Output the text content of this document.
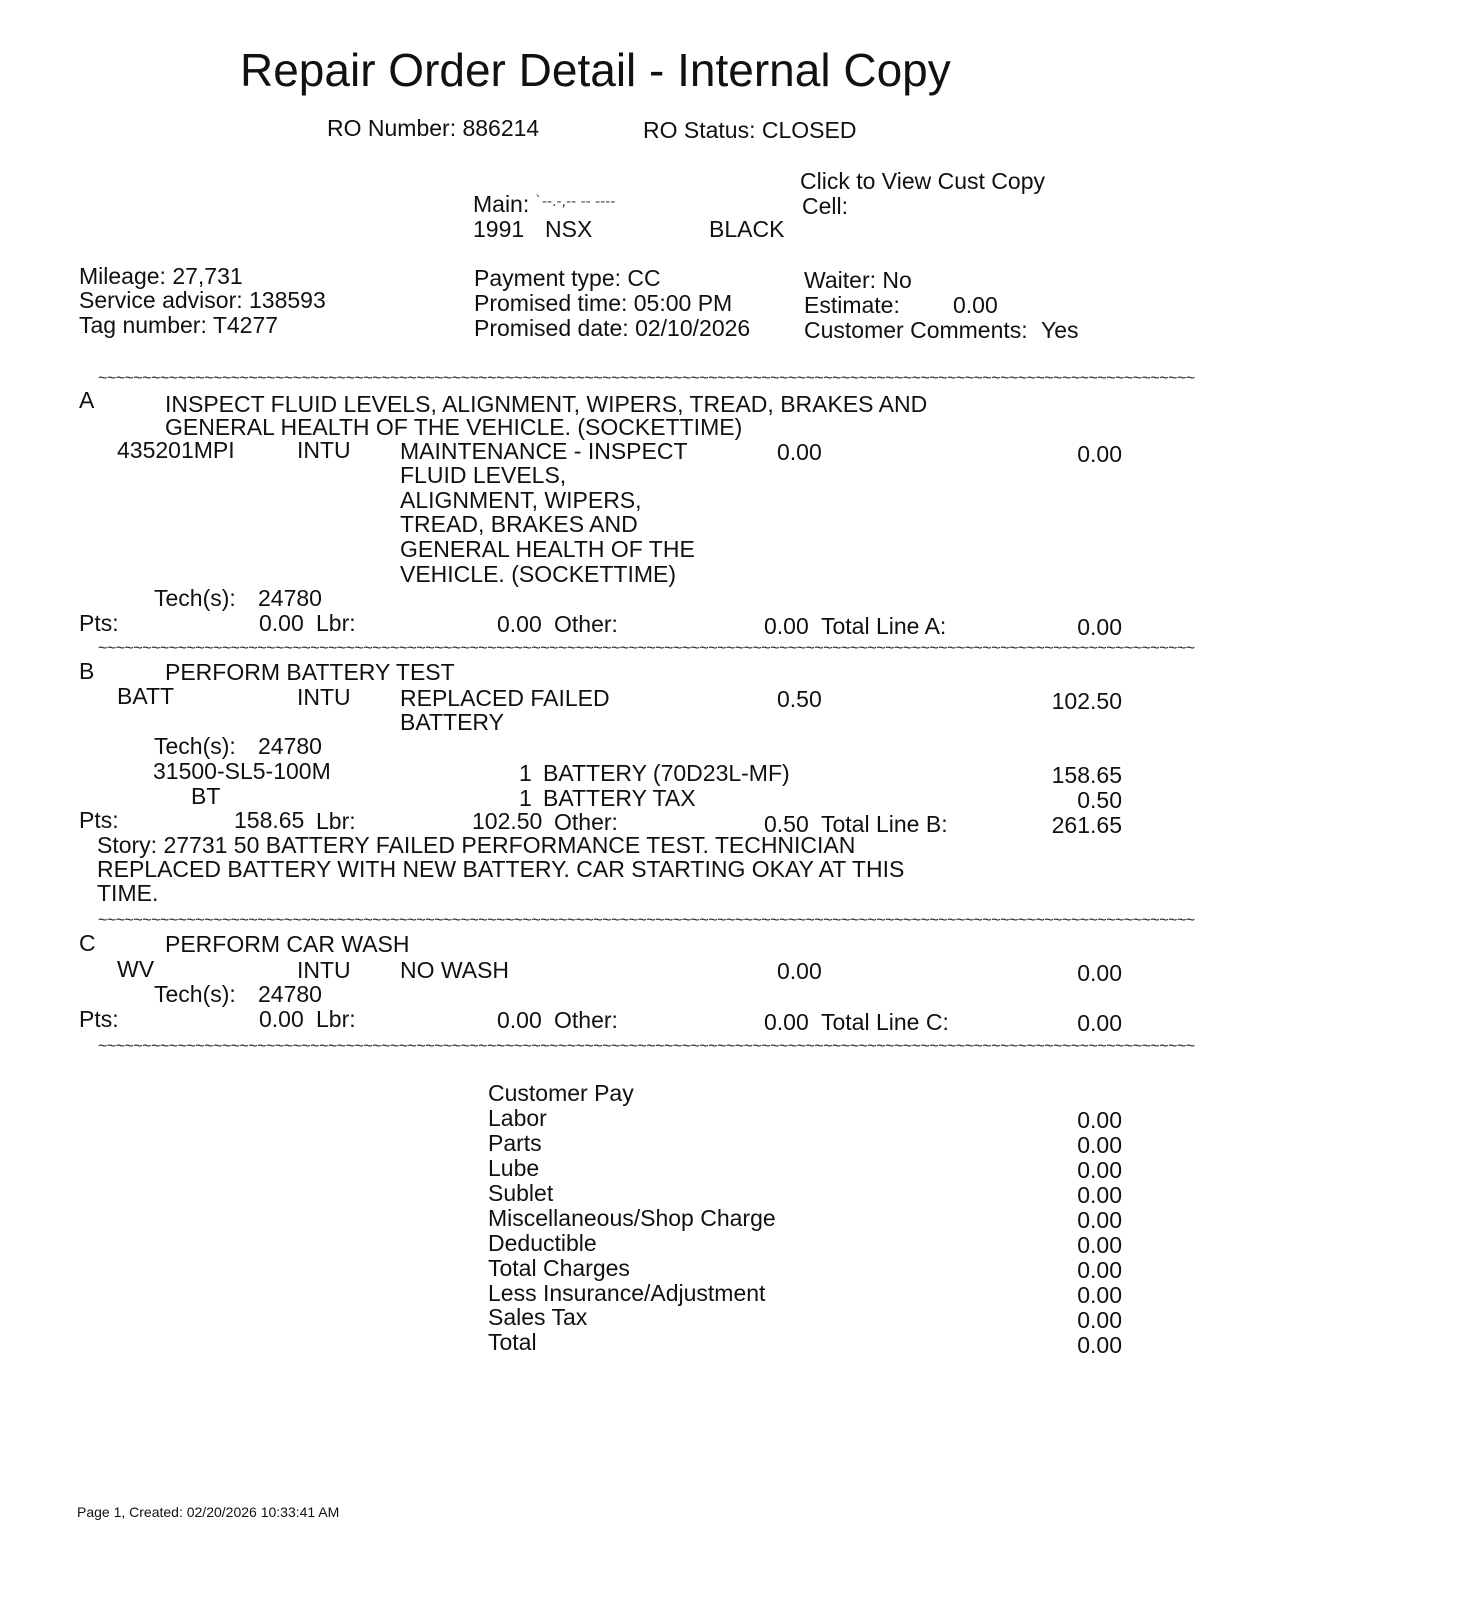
Repair Order Detail - Internal Copy
RO Number: 886214	RO Status: CLOSED
Click to View Cust Copy
Main: `--.-,-- -- ----	Cell:
1991 NSX	BLACK
Mileage: 27,731
Service advisor: 138593
Tag number: T4277
Payment type: CC
Promised time: 05:00 PM
Promised date: 02/10/2026
Waiter: No
Estimate: 0.00
Customer Comments: Yes
~~~~~~~~~~~~~~~~~~~~~~~~~~~~~~~~~~~~~~~~~~~~~~~~~~~~~~~~~~~~~~~~~~~~~~~~~~~~~~~~~~~~~~~~~~~~~~~~~~~~~~~~~~~~~~~~~~~~~~~~~~~~
A	INSPECT FLUID LEVELS, ALIGNMENT, WIPERS, TREAD, BRAKES AND
GENERAL HEALTH OF THE VEHICLE. (SOCKETTIME)
435201MPI	INTU MAINTENANCE - INSPECT
FLUID LEVELS,
ALIGNMENT, WIPERS,
TREAD, BRAKES AND
GENERAL HEALTH OF THE
VEHICLE. (SOCKETTIME)
0.00	0.00
Tech(s): 24780
Pts:	0.00 Lbr:	0.00 Other:	0.00 Total Line A:	0.00
~~~~~~~~~~~~~~~~~~~~~~~~~~~~~~~~~~~~~~~~~~~~~~~~~~~~~~~~~~~~~~~~~~~~~~~~~~~~~~~~~~~~~~~~~~~~~~~~~~~~~~~~~~~~~~~~~~~~~~~~~~~~
B	PERFORM BATTERY TEST
BATT	INTU REPLACED FAILED
BATTERY
0.50	102.50
Tech(s): 24780
31500-SL5-100M	1 BATTERY (70D23L-MF)	158.65
BT	1 BATTERY TAX	0.50
Pts:	158.65 Lbr:	102.50 Other:	0.50 Total Line B:	261.65
Story: 27731 50 BATTERY FAILED PERFORMANCE TEST. TECHNICIAN
REPLACED BATTERY WITH NEW BATTERY. CAR STARTING OKAY AT THIS
TIME.
~~~~~~~~~~~~~~~~~~~~~~~~~~~~~~~~~~~~~~~~~~~~~~~~~~~~~~~~~~~~~~~~~~~~~~~~~~~~~~~~~~~~~~~~~~~~~~~~~~~~~~~~~~~~~~~~~~~~~~~~~~~~
C	PERFORM CAR WASH
WV	INTU NO WASH	0.00	0.00
Tech(s): 24780
Pts:	0.00 Lbr:	0.00 Other:	0.00 Total Line C:	0.00
~~~~~~~~~~~~~~~~~~~~~~~~~~~~~~~~~~~~~~~~~~~~~~~~~~~~~~~~~~~~~~~~~~~~~~~~~~~~~~~~~~~~~~~~~~~~~~~~~~~~~~~~~~~~~~~~~~~~~~~~~~~~
Customer Pay
Labor	0.00
Parts	0.00
Lube	0.00
Sublet	0.00
Miscellaneous/Shop Charge	0.00
Deductible	0.00
Total Charges	0.00
Less Insurance/Adjustment	0.00
Sales Tax	0.00
Total	0.00
Page 1, Created: 02/20/2026 10:33:41 AM
